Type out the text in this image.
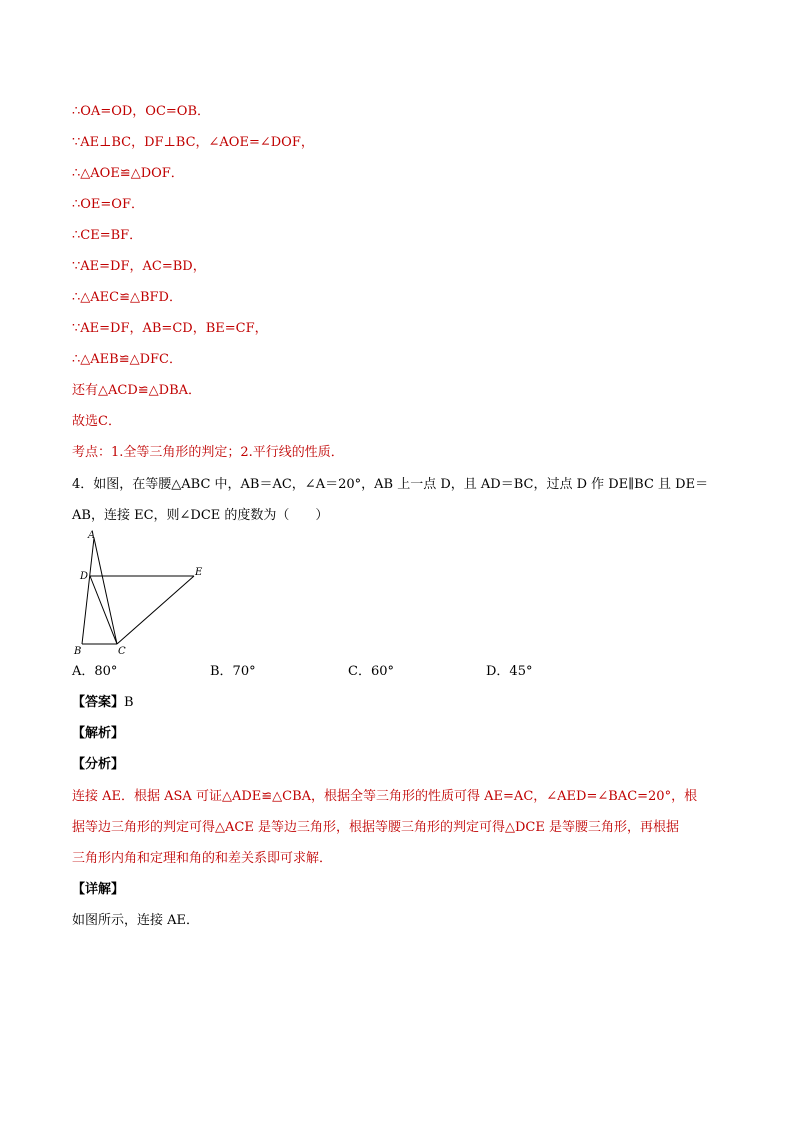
∴OA=OD，OC=OB．
∵AE⊥BC，DF⊥BC，∠AOE=∠DOF，
∴△AOE≌△DOF．
∴OE=OF．
∴CE=BF．
∵AE=DF，AC=BD，
∴△AEC≌△BFD．
∵AE=DF，AB=CD，BE=CF，
∴△AEB≌△DFC．
还有△ACD≌△DBA．
故选C．
考点：1.全等三角形的判定；2.平行线的性质．
4．如图，在等腰△ABC 中，AB＝AC，∠A＝20°，AB 上一点 D，且 AD＝BC，过点 D 作 DE∥BC 且 DE＝
AB，连接 EC，则∠DCE 的度数为（　　）
A
D	E
B	C
A．80°	B．70°	C．60°	D．45°
【答案】B
【解析】
【分析】
连接 AE．根据 ASA 可证△ADE≌△CBA，根据全等三角形的性质可得 AE=AC，∠AED=∠BAC=20°，根
据等边三角形的判定可得△ACE 是等边三角形，根据等腰三角形的判定可得△DCE 是等腰三角形，再根据
三角形内角和定理和角的和差关系即可求解．
【详解】
如图所示，连接 AE．
